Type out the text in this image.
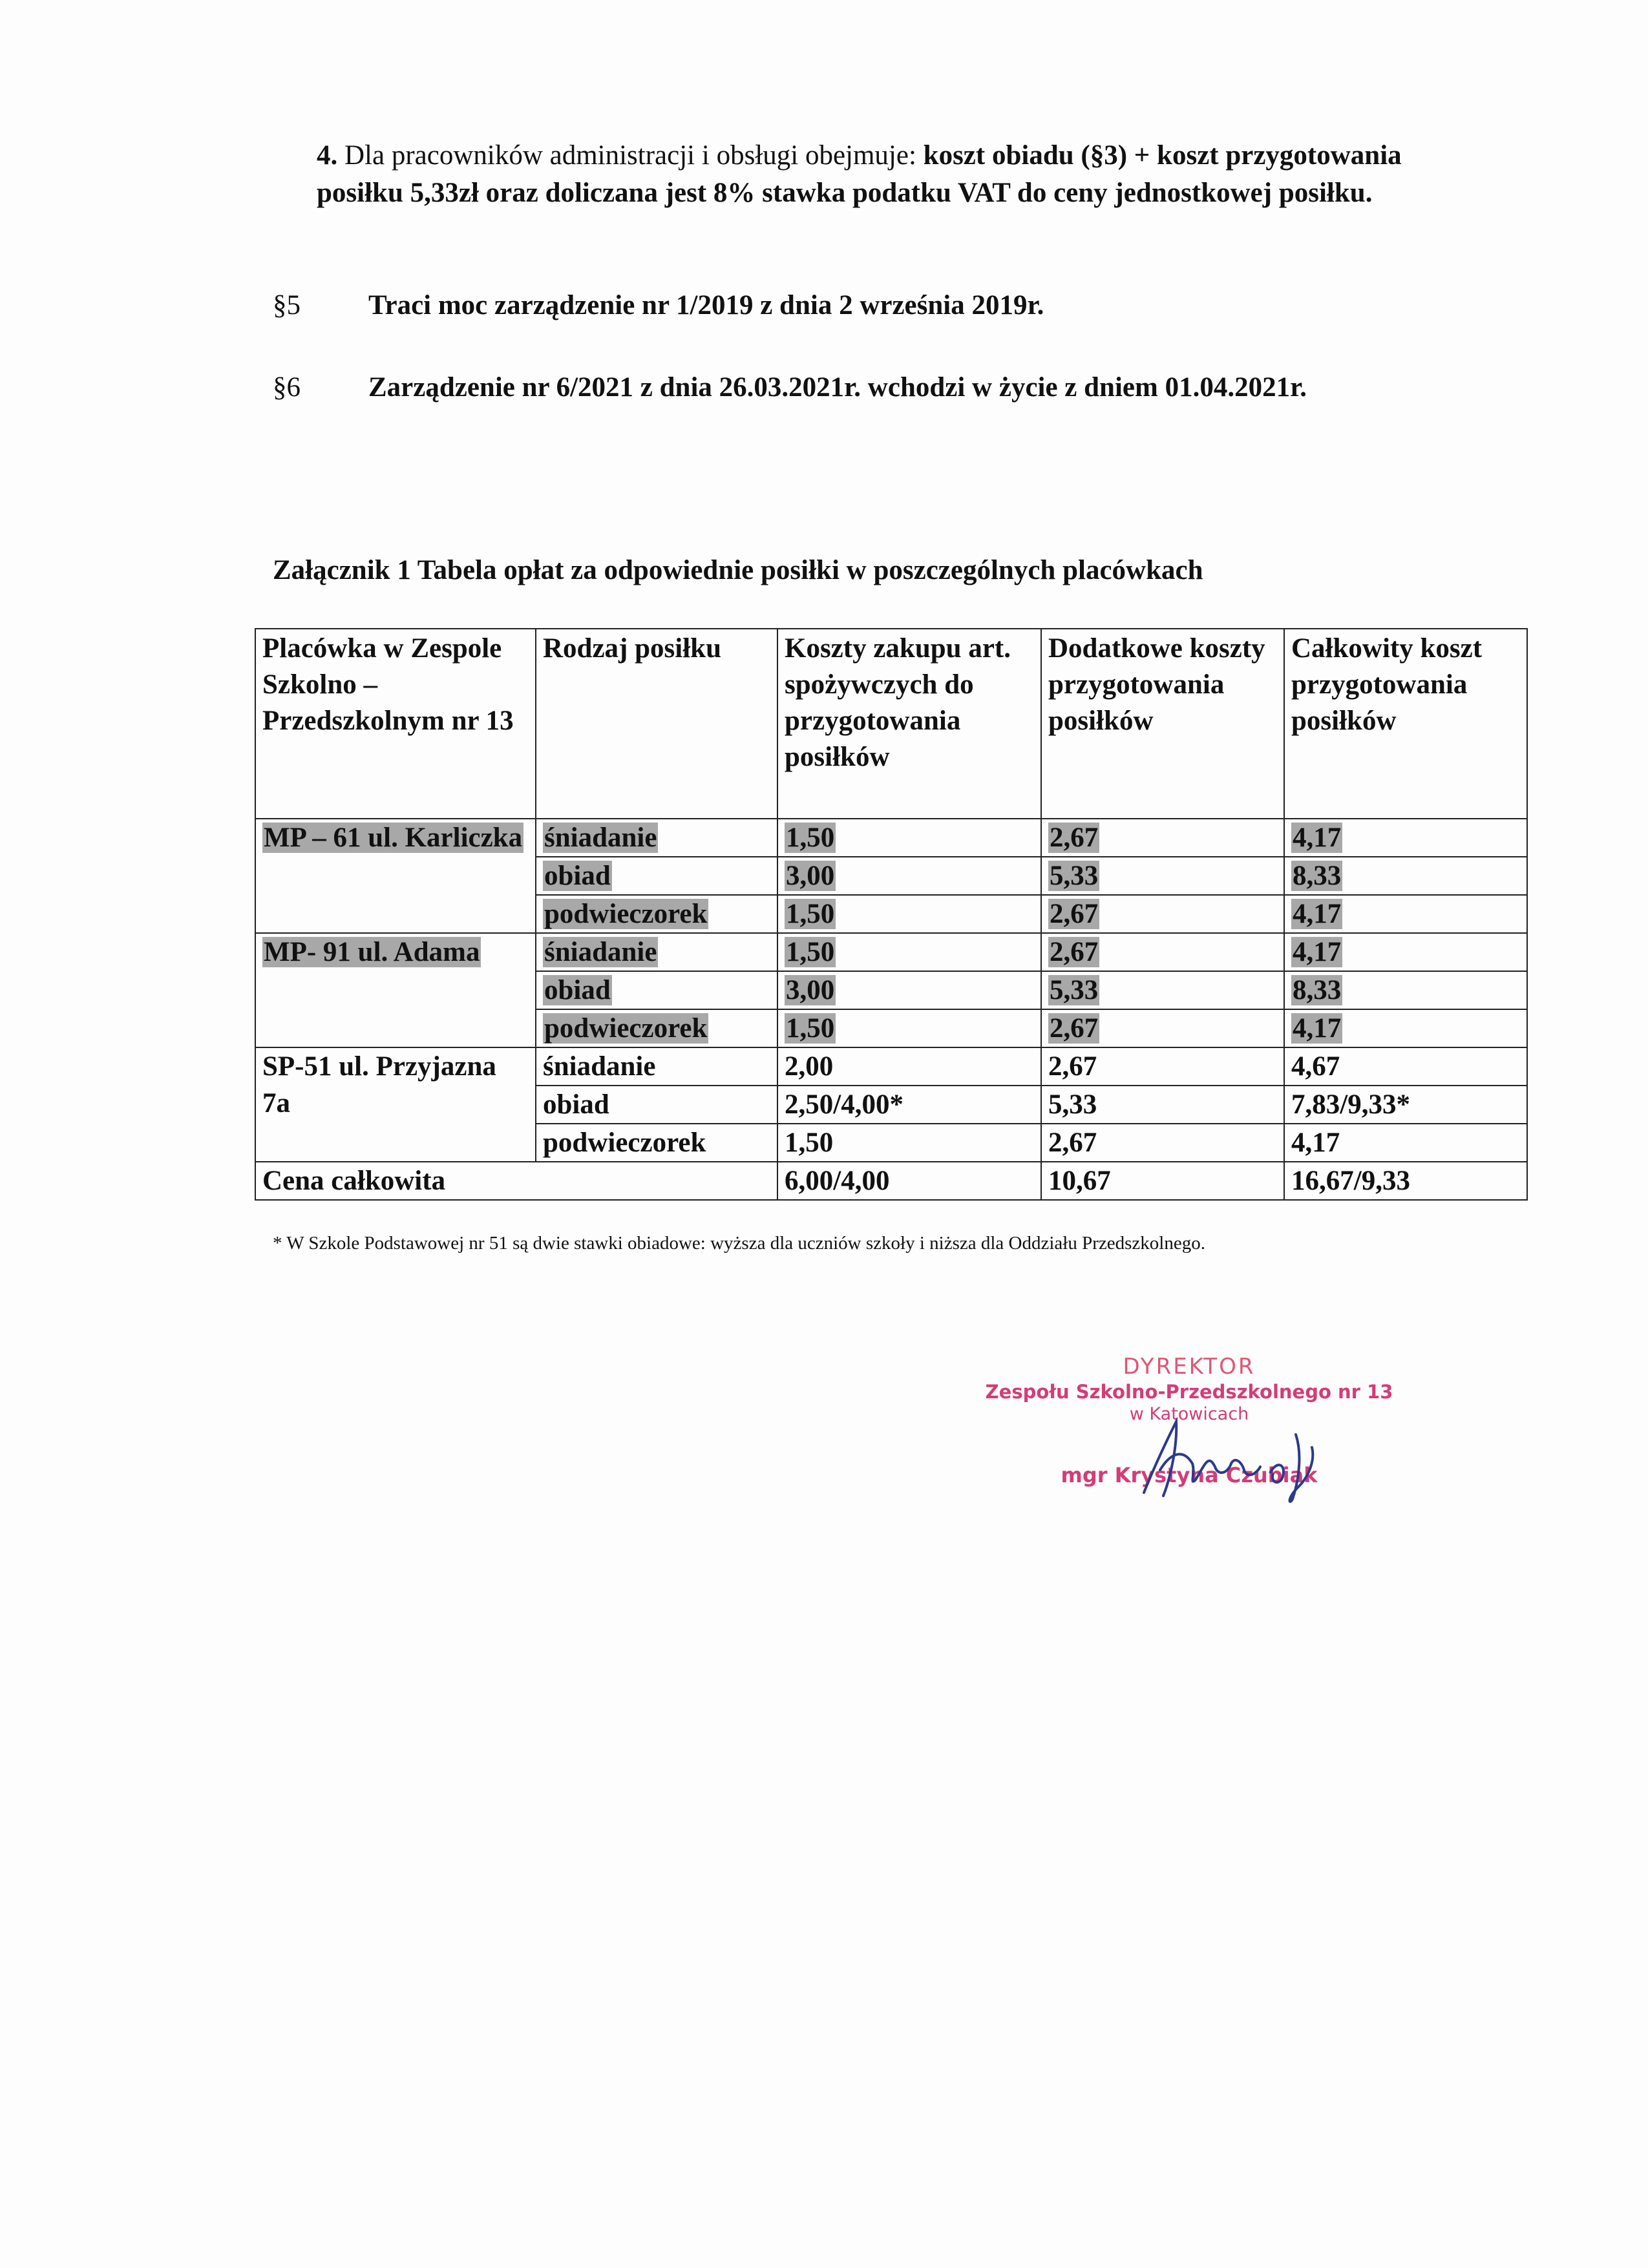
4. Dla pracowników administracji i obsługi obejmuje: koszt obiadu (§3) + koszt przygotowania posiłku 5,33zł oraz doliczana jest 8% stawka podatku VAT do ceny jednostkowej posiłku.
§5 Traci moc zarządzenie nr 1/2019 z dnia 2 września 2019r.
§6 Zarządzenie nr 6/2021 z dnia 26.03.2021r. wchodzi w życie z dniem 01.04.2021r.
Załącznik 1 Tabela opłat za odpowiednie posiłki w poszczególnych placówkach
Placówka w Zespole Szkolno – Przedszkolnym nr 13	Rodzaj posiłku	Koszty zakupu art. spożywczych do przygotowania posiłków	Dodatkowe koszty przygotowania posiłków	Całkowity koszt przygotowania posiłków
MP – 61 ul. Karliczka	śniadanie	1,50	2,67	4,17
	obiad	3,00	5,33	8,33
	podwieczorek	1,50	2,67	4,17
MP- 91 ul. Adama	śniadanie	1,50	2,67	4,17
	obiad	3,00	5,33	8,33
	podwieczorek	1,50	2,67	4,17
SP-51 ul. Przyjazna 7a	śniadanie	2,00	2,67	4,67
	obiad	2,50/4,00*	5,33	7,83/9,33*
	podwieczorek	1,50	2,67	4,17
Cena całkowita		6,00/4,00	10,67	16,67/9,33
* W Szkole Podstawowej nr 51 są dwie stawki obiadowe: wyższa dla uczniów szkoły i niższa dla Oddziału Przedszkolnego.
DYREKTOR
Zespołu Szkolno-Przedszkolnego nr 13
w Katowicach
mgr Krystyna Czubiak
